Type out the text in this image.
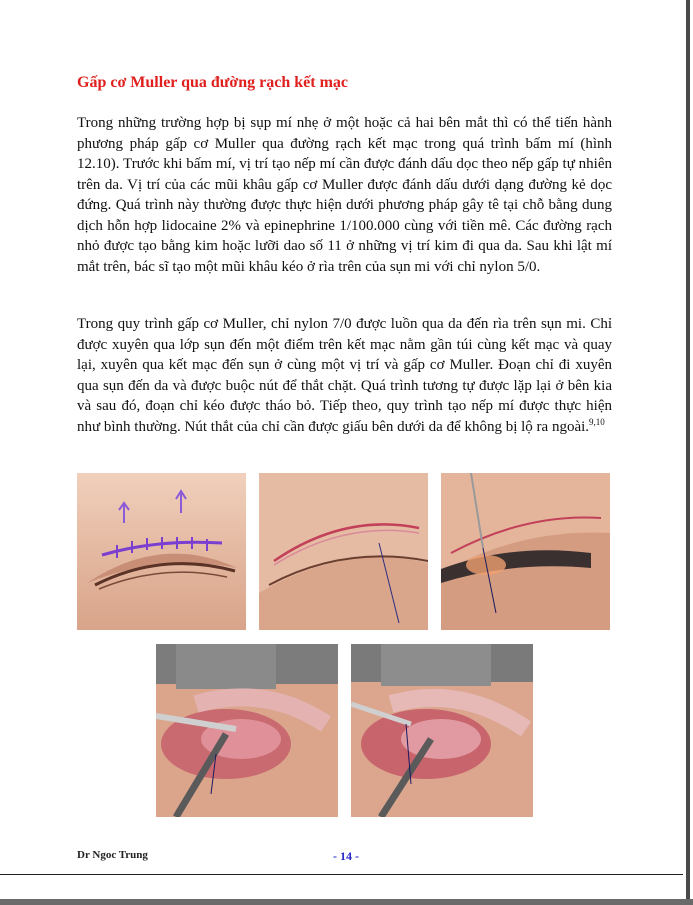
Gấp cơ Muller qua đường rạch kết mạc

Trong những trường hợp bị sụp mí nhẹ ở một hoặc cả hai bên mắt thì có thể tiến hành phương pháp gấp cơ Muller qua đường rạch kết mạc trong quá trình bấm mí (hình 12.10). Trước khi bấm mí, vị trí tạo nếp mí cần được đánh dấu dọc theo nếp gấp tự nhiên trên da. Vị trí của các mũi khâu gấp cơ Muller được đánh dấu dưới dạng đường kẻ dọc đứng. Quá trình này thường được thực hiện dưới phương pháp gây tê tại chỗ bằng dung dịch hỗn hợp lidocaine 2% và epinephrine 1/100.000 cùng với tiền mê. Các đường rạch nhỏ được tạo bằng kim hoặc lưỡi dao số 11 ở những vị trí kim đi qua da. Sau khi lật mí mắt trên, bác sĩ tạo một mũi khâu kéo ở rìa trên của sụn mi với chỉ nylon 5/0.

Trong quy trình gấp cơ Muller, chỉ nylon 7/0 được luồn qua da đến rìa trên sụn mi. Chỉ được xuyên qua lớp sụn đến một điểm trên kết mạc nằm gần túi cùng kết mạc và quay lại, xuyên qua kết mạc đến sụn ở cùng một vị trí và gấp cơ Muller. Đoạn chỉ đi xuyên qua sụn đến da và được buộc nút để thắt chặt. Quá trình tương tự được lặp lại ở bên kia và sau đó, đoạn chỉ kéo được tháo bỏ. Tiếp theo, quy trình tạo nếp mí được thực hiện như bình thường. Nút thắt của chỉ cần được giấu bên dưới da để không bị lộ ra ngoài.$^{9,10}$

Dr Ngoc Trung	- 14 -
